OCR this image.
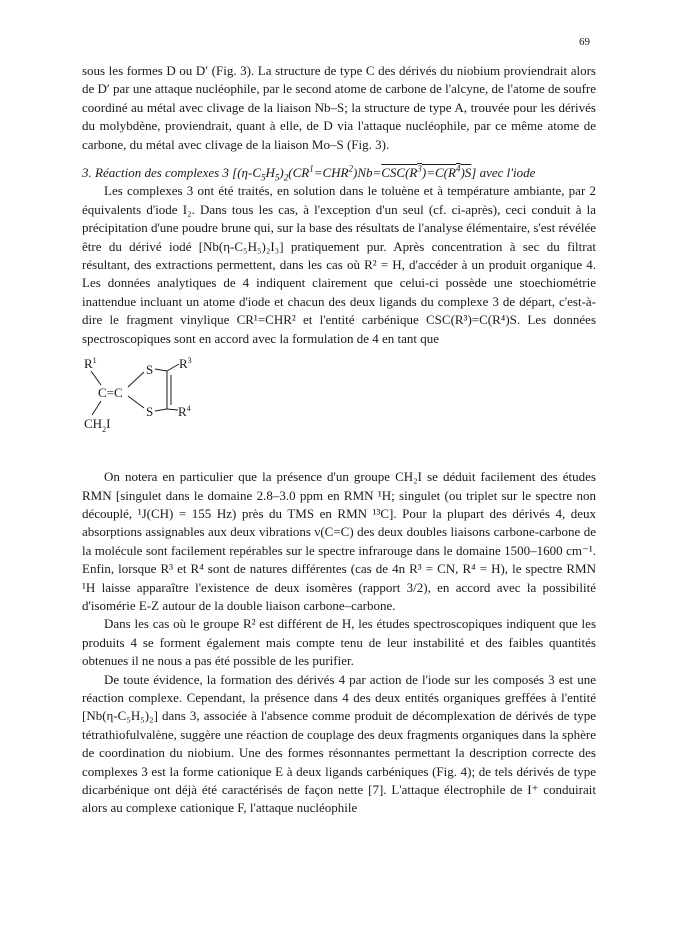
69

sous les formes D ou D′ (Fig. 3). La structure de type C des dérivés du niobium proviendrait alors de D′ par une attaque nucléophile, par le second atome de carbone de l'alcyne, de l'atome de soufre coordiné au métal avec clivage de la liaison Nb–S; la structure de type A, trouvée pour les dérivés du molybdène, proviendrait, quant à elle, de D via l'attaque nucléophile, par ce même atome de carbone, du métal avec clivage de la liaison Mo–S (Fig. 3).

3. Réaction des complexes 3 $[(\eta-C_5H_5)_2(CR^1=CHR^2)Nb=CSC(R^3)=C(R^4)S]$ avec l'iode

Les complexes 3 ont été traités, en solution dans le toluène et à température ambiante, par 2 équivalents d'iode I₂. Dans tous les cas, à l'exception d'un seul (cf. ci-après), ceci conduit à la précipitation d'une poudre brune qui, sur la base des résultats de l'analyse élémentaire, s'est révélée être du dérivé iodé [Nb(η-C₅H₅)₂I₃] pratiquement pur. Après concentration à sec du filtrat résultant, des extractions permettent, dans les cas où R² = H, d'accéder à un produit organique 4. Les données analytiques de 4 indiquent clairement que celui-ci possède une stoechiométrie inattendue incluant un atome d'iode et chacun des deux ligands du complexe 3 de départ, c'est-à-dire le fragment vinylique CR¹=CHR² et l'entité carbénique CSC(R³)=C(R⁴)S. Les données spectroscopiques sont en accord avec la formulation de 4 en tant que

$R^1$
C=C
S
S
$R^3$
$R^4$
$CH_2I$

On notera en particulier que la présence d'un groupe CH₂I se déduit facilement des études RMN [singulet dans le domaine 2.8–3.0 ppm en RMN ¹H; singulet (ou triplet sur le spectre non découplé, ¹J(CH) = 155 Hz) près du TMS en RMN ¹³C]. Pour la plupart des dérivés 4, deux absorptions assignables aux deux vibrations ν(C=C) des deux doubles liaisons carbone-carbone de la molécule sont facilement repérables sur le spectre infrarouge dans le domaine 1500–1600 cm⁻¹. Enfin, lorsque R³ et R⁴ sont de natures différentes (cas de 4n R³ = CN, R⁴ = H), le spectre RMN ¹H laisse apparaître l'existence de deux isomères (rapport 3/2), en accord avec la possibilité d'isomérie E-Z autour de la double liaison carbone–carbone.

Dans les cas où le groupe R² est différent de H, les études spectroscopiques indiquent que les produits 4 se forment également mais compte tenu de leur instabilité et des faibles quantités obtenues il ne nous a pas été possible de les purifier.

De toute évidence, la formation des dérivés 4 par action de l'iode sur les composés 3 est une réaction complexe. Cependant, la présence dans 4 des deux entités organiques greffées à l'entité [Nb(η-C₅H₅)₂] dans 3, associée à l'absence comme produit de décomplexation de dérivés de type tétrathiofulvalène, suggère une réaction de couplage des deux fragments organiques dans la sphère de coordination du niobium. Une des formes résonnantes permettant la description correcte des complexes 3 est la forme cationique E à deux ligands carbéniques (Fig. 4); de tels dérivés de type dicarbénique ont déjà été caractérisés de façon nette [7]. L'attaque électrophile de I⁺ conduirait alors au complexe cationique F, l'attaque nucléophile
